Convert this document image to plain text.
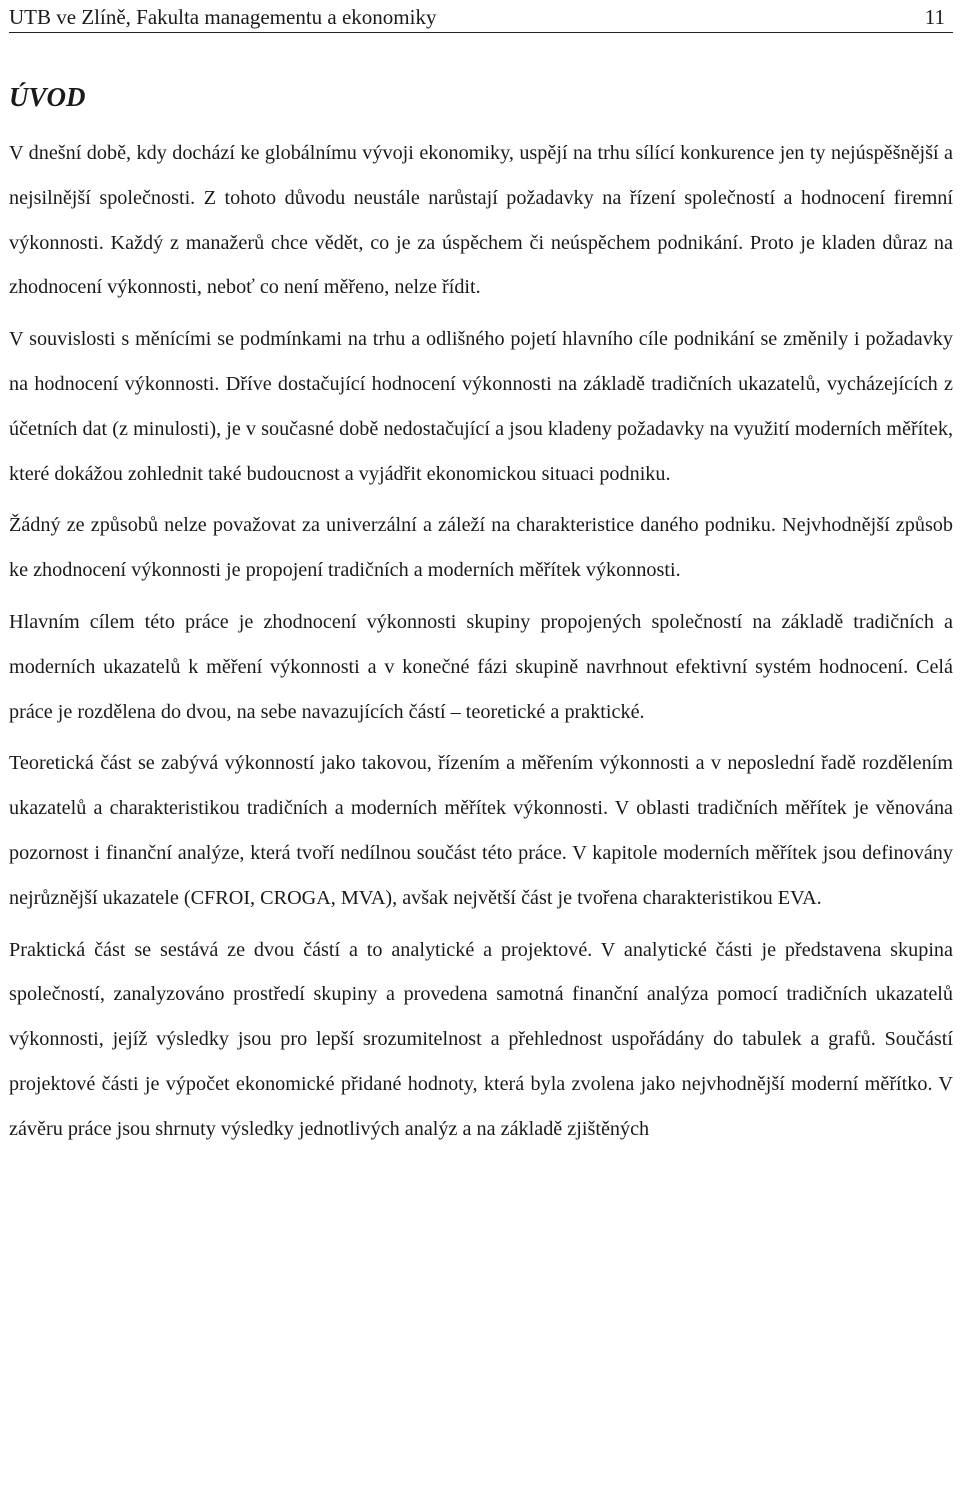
UTB ve Zlíně, Fakulta managementu a ekonomiky	11
ÚVOD

V dnešní době, kdy dochází ke globálnímu vývoji ekonomiky, uspějí na trhu sílící konkurence jen ty nejúspěšnější a nejsilnější společnosti. Z tohoto důvodu neustále narůstají požadavky na řízení společností a hodnocení firemní výkonnosti. Každý z manažerů chce vědět, co je za úspěchem či neúspěchem podnikání. Proto je kladen důraz na zhodnocení výkonnosti, neboť co není měřeno, nelze řídit.

V souvislosti s měnícími se podmínkami na trhu a odlišného pojetí hlavního cíle podnikání se změnily i požadavky na hodnocení výkonnosti. Dříve dostačující hodnocení výkonnosti na základě tradičních ukazatelů, vycházejících z účetních dat (z minulosti), je v současné době nedostačující a jsou kladeny požadavky na využití moderních měřítek, které dokážou zohlednit také budoucnost a vyjádřit ekonomickou situaci podniku.

Žádný ze způsobů nelze považovat za univerzální a záleží na charakteristice daného podniku. Nejvhodnější způsob ke zhodnocení výkonnosti je propojení tradičních a moderních měřítek výkonnosti.

Hlavním cílem této práce je zhodnocení výkonnosti skupiny propojených společností na základě tradičních a moderních ukazatelů k měření výkonnosti a v konečné fázi skupině navrhnout efektivní systém hodnocení. Celá práce je rozdělena do dvou, na sebe navazujících částí – teoretické a praktické.

Teoretická část se zabývá výkonností jako takovou, řízením a měřením výkonnosti a v neposlední řadě rozdělením ukazatelů a charakteristikou tradičních a moderních měřítek výkonnosti. V oblasti tradičních měřítek je věnována pozornost i finanční analýze, která tvoří nedílnou součást této práce. V kapitole moderních měřítek jsou definovány nejrůznější ukazatele (CFROI, CROGA, MVA), avšak největší část je tvořena charakteristikou EVA.

Praktická část se sestává ze dvou částí a to analytické a projektové. V analytické části je představena skupina společností, zanalyzováno prostředí skupiny a provedena samotná finanční analýza pomocí tradičních ukazatelů výkonnosti, jejíž výsledky jsou pro lepší srozumitelnost a přehlednost uspořádány do tabulek a grafů. Součástí projektové části je výpočet ekonomické přidané hodnoty, která byla zvolena jako nejvhodnější moderní měřítko. V závěru práce jsou shrnuty výsledky jednotlivých analýz a na základě zjištěných
